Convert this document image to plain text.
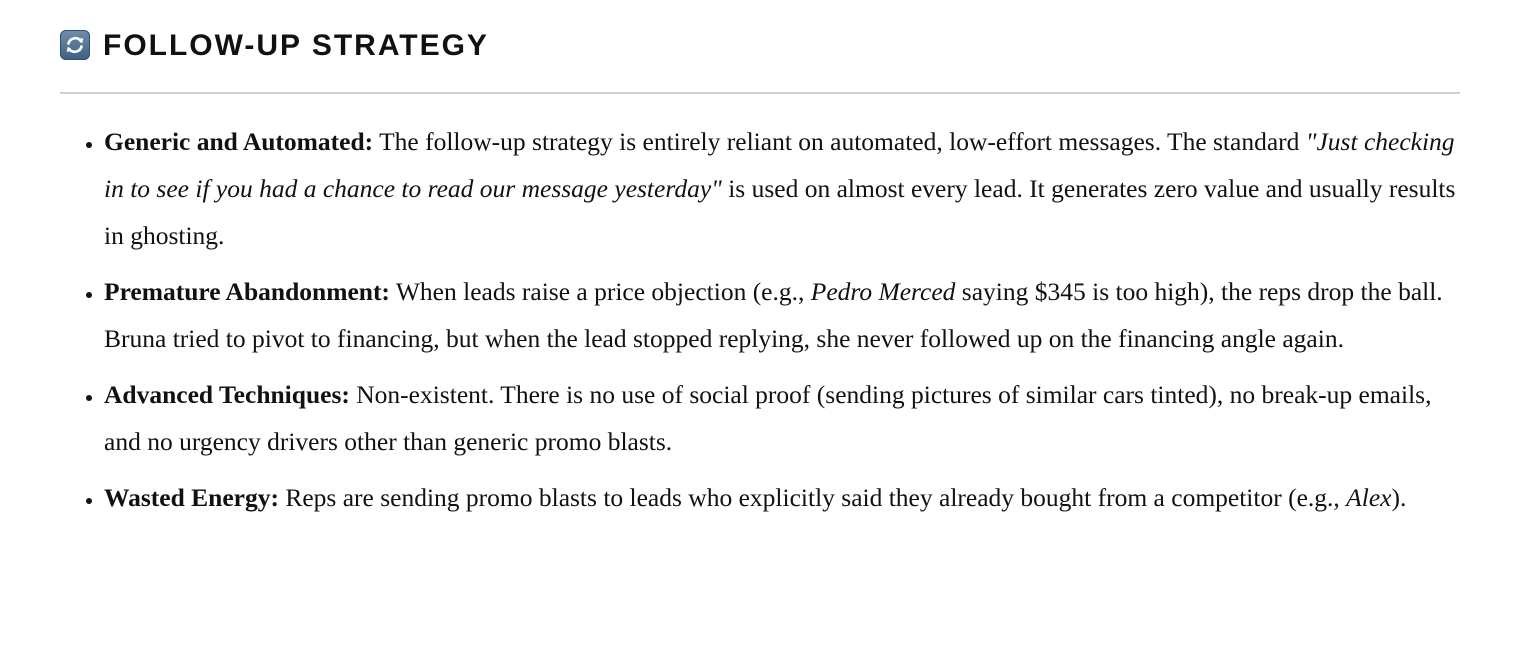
FOLLOW-UP STRATEGY
• Generic and Automated: The follow-up strategy is entirely reliant on automated, low-effort messages. The standard "Just checking in to see if you had a chance to read our message yesterday" is used on almost every lead. It generates zero value and usually results in ghosting.
• Premature Abandonment: When leads raise a price objection (e.g., Pedro Merced saying $345 is too high), the reps drop the ball. Bruna tried to pivot to financing, but when the lead stopped replying, she never followed up on the financing angle again.
• Advanced Techniques: Non-existent. There is no use of social proof (sending pictures of similar cars tinted), no break-up emails, and no urgency drivers other than generic promo blasts.
• Wasted Energy: Reps are sending promo blasts to leads who explicitly said they already bought from a competitor (e.g., Alex).
